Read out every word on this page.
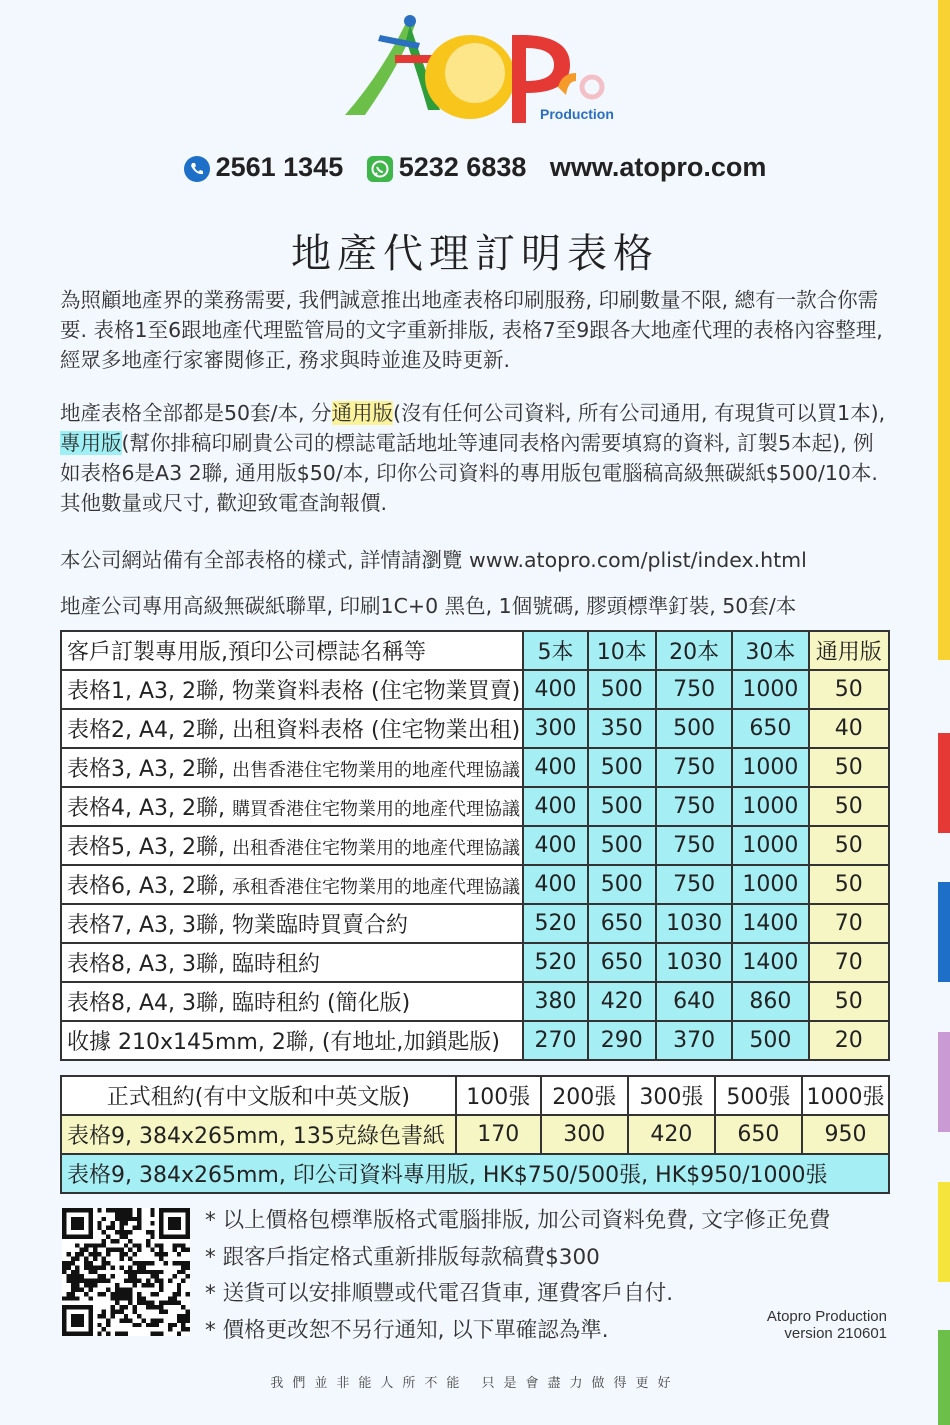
Production
2561 1345 5232 6838 www.atopro.com
地產代理訂明表格
為照顧地產界的業務需要, 我們誠意推出地產表格印刷服務, 印刷數量不限, 總有一款合你需要. 表格1至6跟地產代理監管局的文字重新排版, 表格7至9跟各大地產代理的表格內容整理, 經眾多地產行家審閱修正, 務求與時並進及時更新.
地產表格全部都是50套/本, 分通用版(沒有任何公司資料, 所有公司通用, 有現貨可以買1本), 專用版(幫你排稿印刷貴公司的標誌電話地址等連同表格內需要填寫的資料, 訂製5本起), 例如表格6是A3 2聯, 通用版$50/本, 印你公司資料的專用版包電腦稿高級無碳紙$500/10本. 其他數量或尺寸, 歡迎致電查詢報價.
本公司網站備有全部表格的樣式, 詳情請瀏覽 www.atopro.com/plist/index.html
地產公司專用高級無碳紙聯單, 印刷1C+0 黑色, 1個號碼, 膠頭標準釘裝, 50套/本
客戶訂製專用版,預印公司標誌名稱等	5本	10本	20本	30本	通用版
表格1, A3, 2聯, 物業資料表格 (住宅物業買賣)	400	500	750	1000	50
表格2, A4, 2聯, 出租資料表格 (住宅物業出租)	300	350	500	650	40
表格3, A3, 2聯, 出售香港住宅物業用的地產代理協議	400	500	750	1000	50
表格4, A3, 2聯, 購買香港住宅物業用的地產代理協議	400	500	750	1000	50
表格5, A3, 2聯, 出租香港住宅物業用的地產代理協議	400	500	750	1000	50
表格6, A3, 2聯, 承租香港住宅物業用的地產代理協議	400	500	750	1000	50
表格7, A3, 3聯, 物業臨時買賣合約	520	650	1030	1400	70
表格8, A3, 3聯, 臨時租約	520	650	1030	1400	70
表格8, A4, 3聯, 臨時租約 (簡化版)	380	420	640	860	50
收據 210x145mm, 2聯, (有地址,加鎖匙版)	270	290	370	500	20
正式租約(有中文版和中英文版)	100張	200張	300張	500張	1000張
表格9, 384x265mm, 135克綠色書紙	170	300	420	650	950
表格9, 384x265mm, 印公司資料專用版, HK$750/500張, HK$950/1000張					
* 以上價格包標準版格式電腦排版, 加公司資料免費, 文字修正免費
* 跟客戶指定格式重新排版每款稿費$300
* 送貨可以安排順豐或代電召貨車, 運費客戶自付.
* 價格更改恕不另行通知, 以下單確認為準.
Atopro Production
version 210601
我們並非能人所不能 只是會盡力做得更好
